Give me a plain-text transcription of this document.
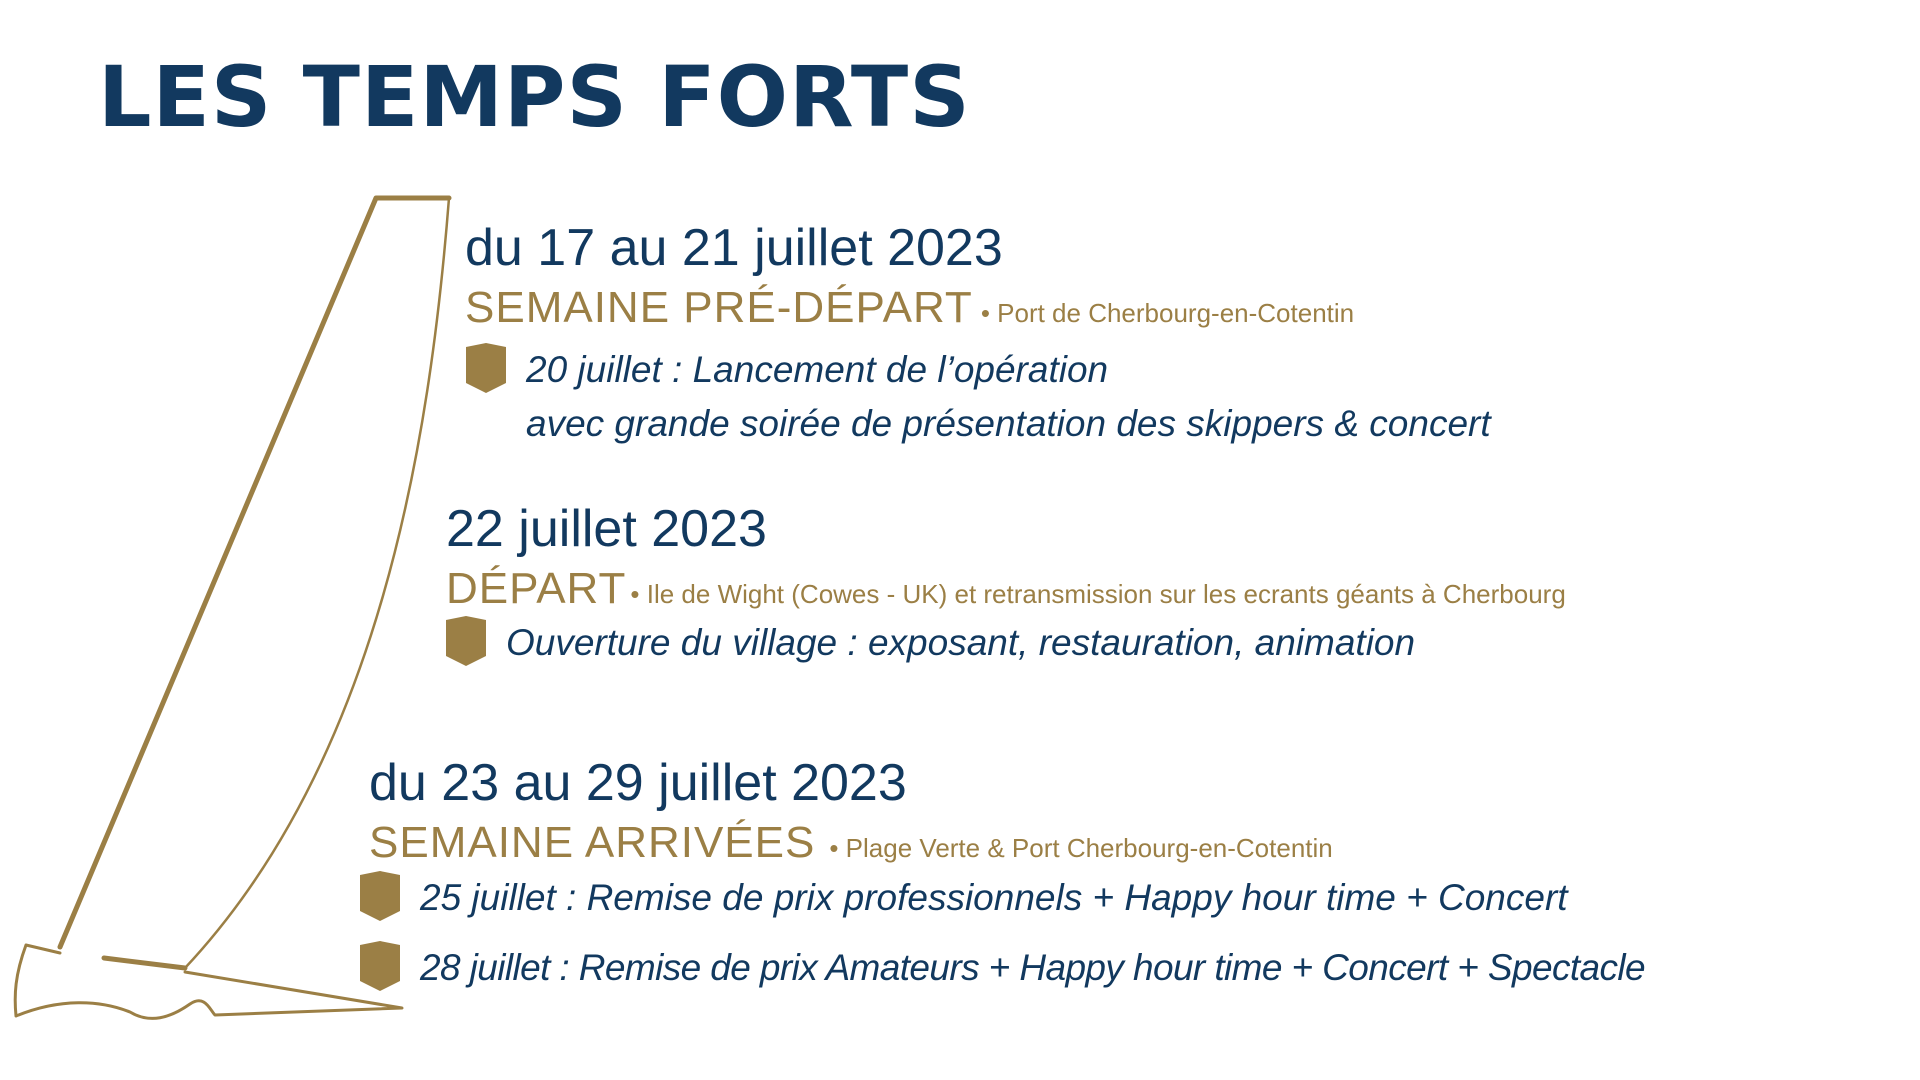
LES TEMPS FORTS
du 17 au 21 juillet 2023
SEMAINE PRÉ-DÉPART • Port de Cherbourg-en-Cotentin
20 juillet : Lancement de l’opération
avec grande soirée de présentation des skippers & concert
22 juillet 2023
DÉPART • Ile de Wight (Cowes - UK) et retransmission sur les ecrants géants à Cherbourg
Ouverture du village : exposant, restauration, animation
du 23 au 29 juillet 2023
SEMAINE ARRIVÉES • Plage Verte & Port Cherbourg-en-Cotentin
25 juillet : Remise de prix professionnels + Happy hour time + Concert
28 juillet : Remise de prix Amateurs + Happy hour time + Concert + Spectacle
